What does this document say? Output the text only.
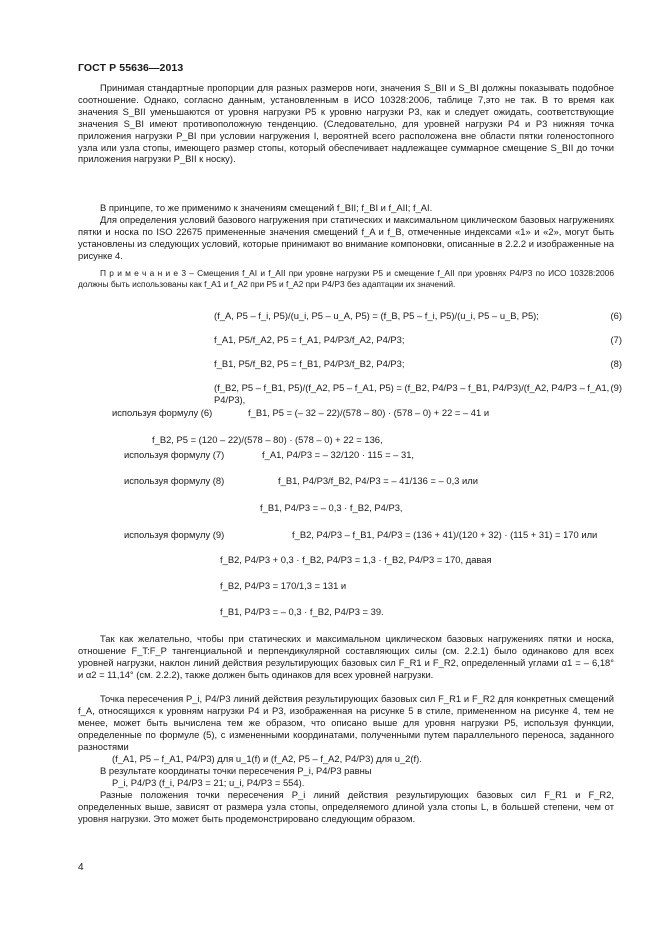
ГОСТ Р 55636—2013
Принимая стандартные пропорции для разных размеров ноги, значения S_BII и S_BI должны показывать подобное соотношение. Однако, согласно данным, установленным в ИСО 10328:2006, таблице 7,это не так. В то время как значения S_BII уменьшаются от уровня нагрузки P5 к уровню нагрузки P3, как и следует ожидать, соответствующие значения S_BI имеют противоположную тенденцию. (Следовательно, для уровней нагрузки P4 и P3 нижняя точка приложения нагрузки P_BI при условии нагружения I, вероятней всего расположена вне области пятки голеностопного узла или узла стопы, имеющего размер стопы, который обеспечивает надлежащее суммарное смещение S_BII до точки приложения нагрузки P_BII к носку).
В принципе, то же применимо к значениям смещений f_BII; f_BI и f_AII; f_AI.
Для определения условий базового нагружения при статических и максимальном циклическом базовых нагружениях пятки и носка по ISO 22675 примененные значения смещений f_A и f_B, отмеченные индексами «1» и «2», могут быть установлены из следующих условий, которые принимают во внимание компоновки, описанные в 2.2.2 и изображенные на рисунке 4.
П р и м е ч а н и е 3 – Смещения f_AI и f_AII при уровне нагрузки P5 и смещение f_AII при уровнях P4/P3 по ИСО 10328:2006 должны быть использованы как f_A1 и f_A2 при P5 и f_A2 при P4/P3 без адаптации их значений.
(f_A, P5 – f_i, P5)/(u_i, P5 – u_A, P5) = (f_B, P5 – f_i, P5)/(u_i, P5 – u_B, P5);	(6)
f_A1, P5/f_A2, P5 = f_A1, P4/P3/f_A2, P4/P3;	(7)
f_B1, P5/f_B2, P5 = f_B1, P4/P3/f_B2, P4/P3;	(8)
(f_B2, P5 – f_B1, P5)/(f_A2, P5 – f_A1, P5) = (f_B2, P4/P3 – f_B1, P4/P3)/(f_A2, P4/P3 – f_A1, P4/P3),
(9)
используя формулу (6)	f_B1, P5 = (– 32 – 22)/(578 – 80) · (578 – 0) + 22 = – 41 и
f_B2, P5 = (120 – 22)/(578 – 80) · (578 – 0) + 22 = 136,
используя формулу (7)	f_A1, P4/P3 = – 32/120 · 115 = – 31,
используя формулу (8)	f_B1, P4/P3/f_B2, P4/P3 = – 41/136 = – 0,3 или
f_B1, P4/P3 = – 0,3 · f_B2, P4/P3,
используя формулу (9)	f_B2, P4/P3 – f_B1, P4/P3 = (136 + 41)/(120 + 32) · (115 + 31) = 170 или
f_B2, P4/P3 + 0,3 · f_B2, P4/P3 = 1,3 · f_B2, P4/P3 = 170, давая
f_B2, P4/P3 = 170/1,3 = 131 и
f_B1, P4/P3 = – 0,3 · f_B2, P4/P3 = 39.
Так как желательно, чтобы при статических и максимальном циклическом базовых нагружениях пятки и носка, отношение F_T:F_P тангенциальной и перпендикулярной составляющих силы (см. 2.2.1) было одинаково для всех уровней нагрузки, наклон линий действия результирующих базовых сил F_R1 и F_R2, определенный углами α1 = – 6,18° и α2 = 11,14° (см. 2.2.2), также должен быть одинаков для всех уровней нагрузки.
Точка пересечения P_i, P4/P3 линий действия результирующих базовых сил F_R1 и F_R2 для конкретных смещений f_A, относящихся к уровням нагрузки P4 и P3, изображенная на рисунке 5 в стиле, примененном на рисунке 4, тем не менее, может быть вычислена тем же образом, что описано выше для уровня нагрузки P5, используя функции, определенные по формуле (5), с измененными координатами, полученными путем параллельного переноса, заданного разностями
(f_A1, P5 – f_A1, P4/P3) для u_1(f) и (f_A2, P5 – f_A2, P4/P3) для u_2(f).
В результате координаты точки пересечения P_i, P4/P3 равны
P_i, P4/P3 (f_i, P4/P3 = 21; u_i, P4/P3 = 554).
Разные положения точки пересечения P_i линий действия результирующих базовых сил F_R1 и F_R2, определенных выше, зависят от размера узла стопы, определяемого длиной узла стопы L, в большей степени, чем от уровня нагрузки. Это может быть продемонстрировано следующим образом.
4
